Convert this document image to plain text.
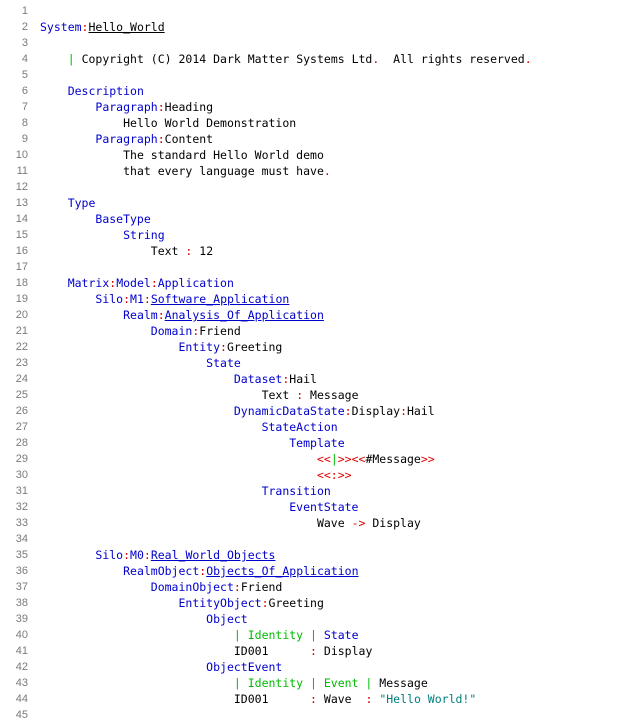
1
2
3
4
5
6
7
8
9
10
11
12
13
14
15
16
17
18
19
20
21
22
23
24
25
26
27
28
29
30
31
32
33
34
35
36
37
38
39
40
41
42
43
44
45
System:Hello_World
| Copyright (C) 2014 Dark Matter Systems Ltd.  All rights reserved.
Description
Paragraph:Heading
Hello World Demonstration
Paragraph:Content
The standard Hello World demo
that every language must have.
Type
BaseType
String
Text : 12
Matrix:Model:Application
Silo:M1:Software_Application
Realm:Analysis_Of_Application
Domain:Friend
Entity:Greeting
State
Dataset:Hail
Text : Message
DynamicDataState:Display:Hail
StateAction
Template
<<|>><<#Message>>
<<:>>
Transition
EventState
Wave -> Display
Silo:M0:Real_World_Objects
RealmObject:Objects_Of_Application
DomainObject:Friend
EntityObject:Greeting
Object
| Identity | State
ID001      : Display
ObjectEvent
| Identity | Event | Message
ID001      : Wave  : "Hello World!"
